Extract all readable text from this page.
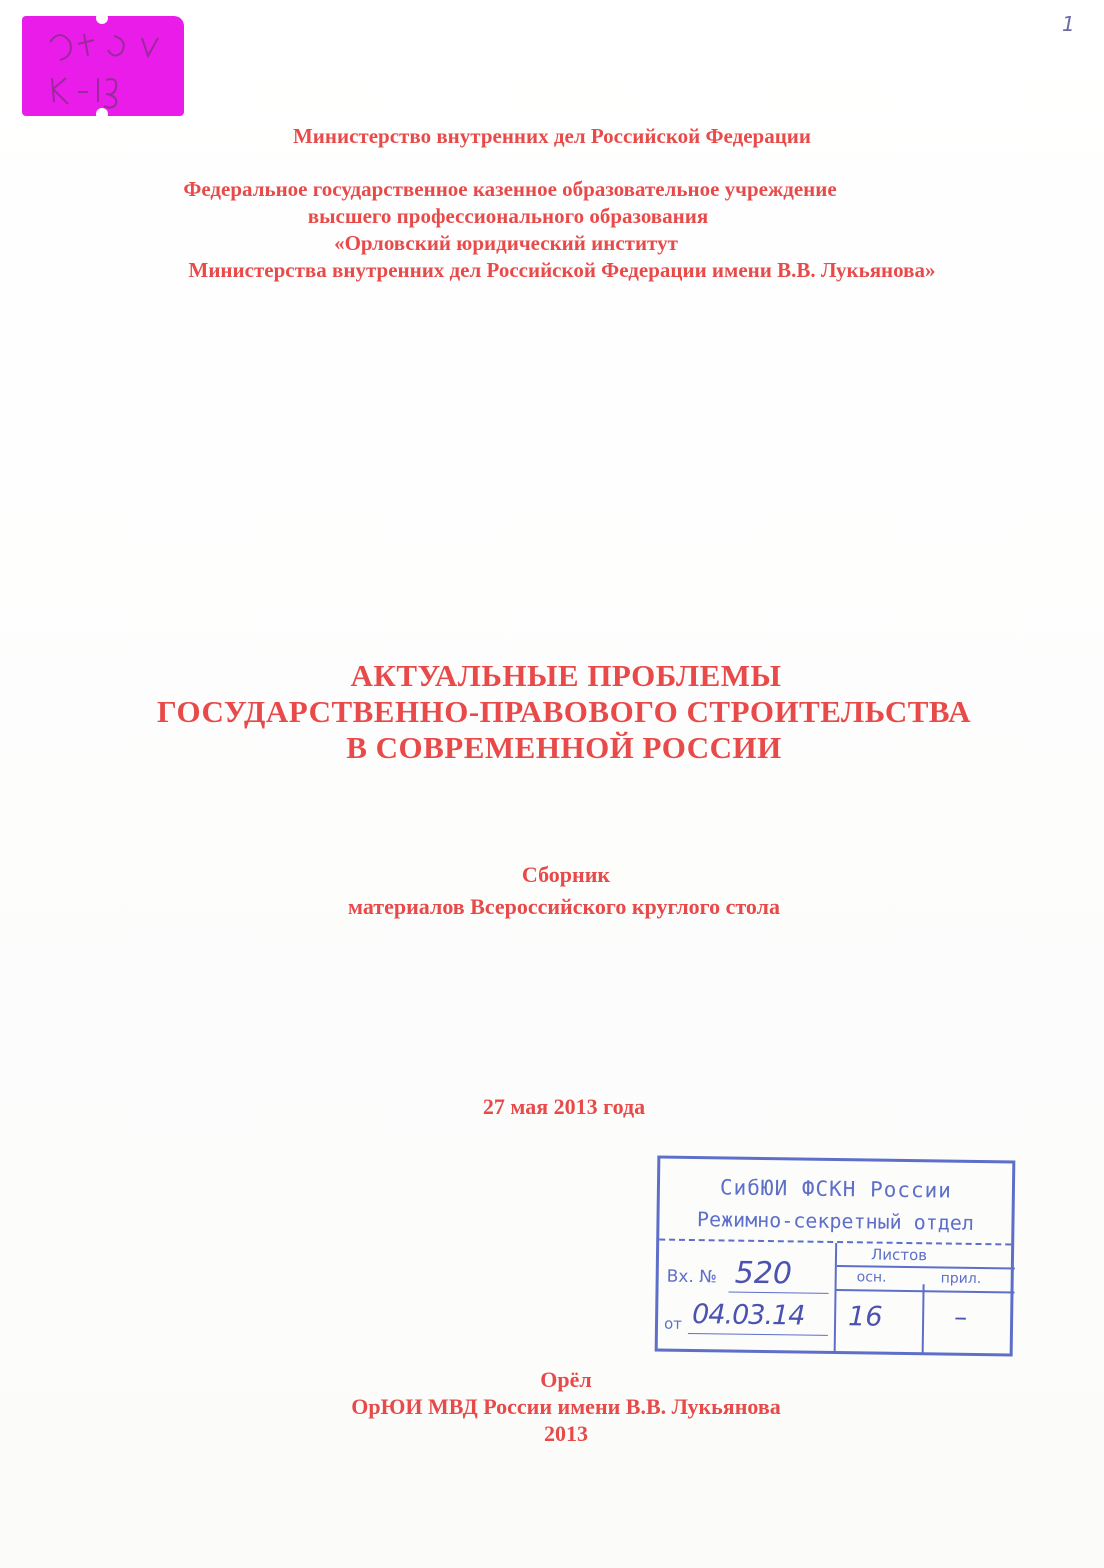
1
Министерство внутренних дел Российской Федерации
Федеральное государственное казенное образовательное учреждение
высшего профессионального образования
«Орловский юридический институт
Министерства внутренних дел Российской Федерации имени В.В. Лукьянова»
АКТУАЛЬНЫЕ ПРОБЛЕМЫ
ГОСУДАРСТВЕННО-ПРАВОВОГО СТРОИТЕЛЬСТВА
В СОВРЕМЕННОЙ РОССИИ
Сборник
материалов Всероссийского круглого стола
27 мая 2013 года
СибЮИ ФСКН России
Режимно-секретный отдел
Листов
осн.	прил.
Вх. № 520
от 04.03.14 16	–
Орёл
ОрЮИ МВД России имени В.В. Лукьянова
2013
